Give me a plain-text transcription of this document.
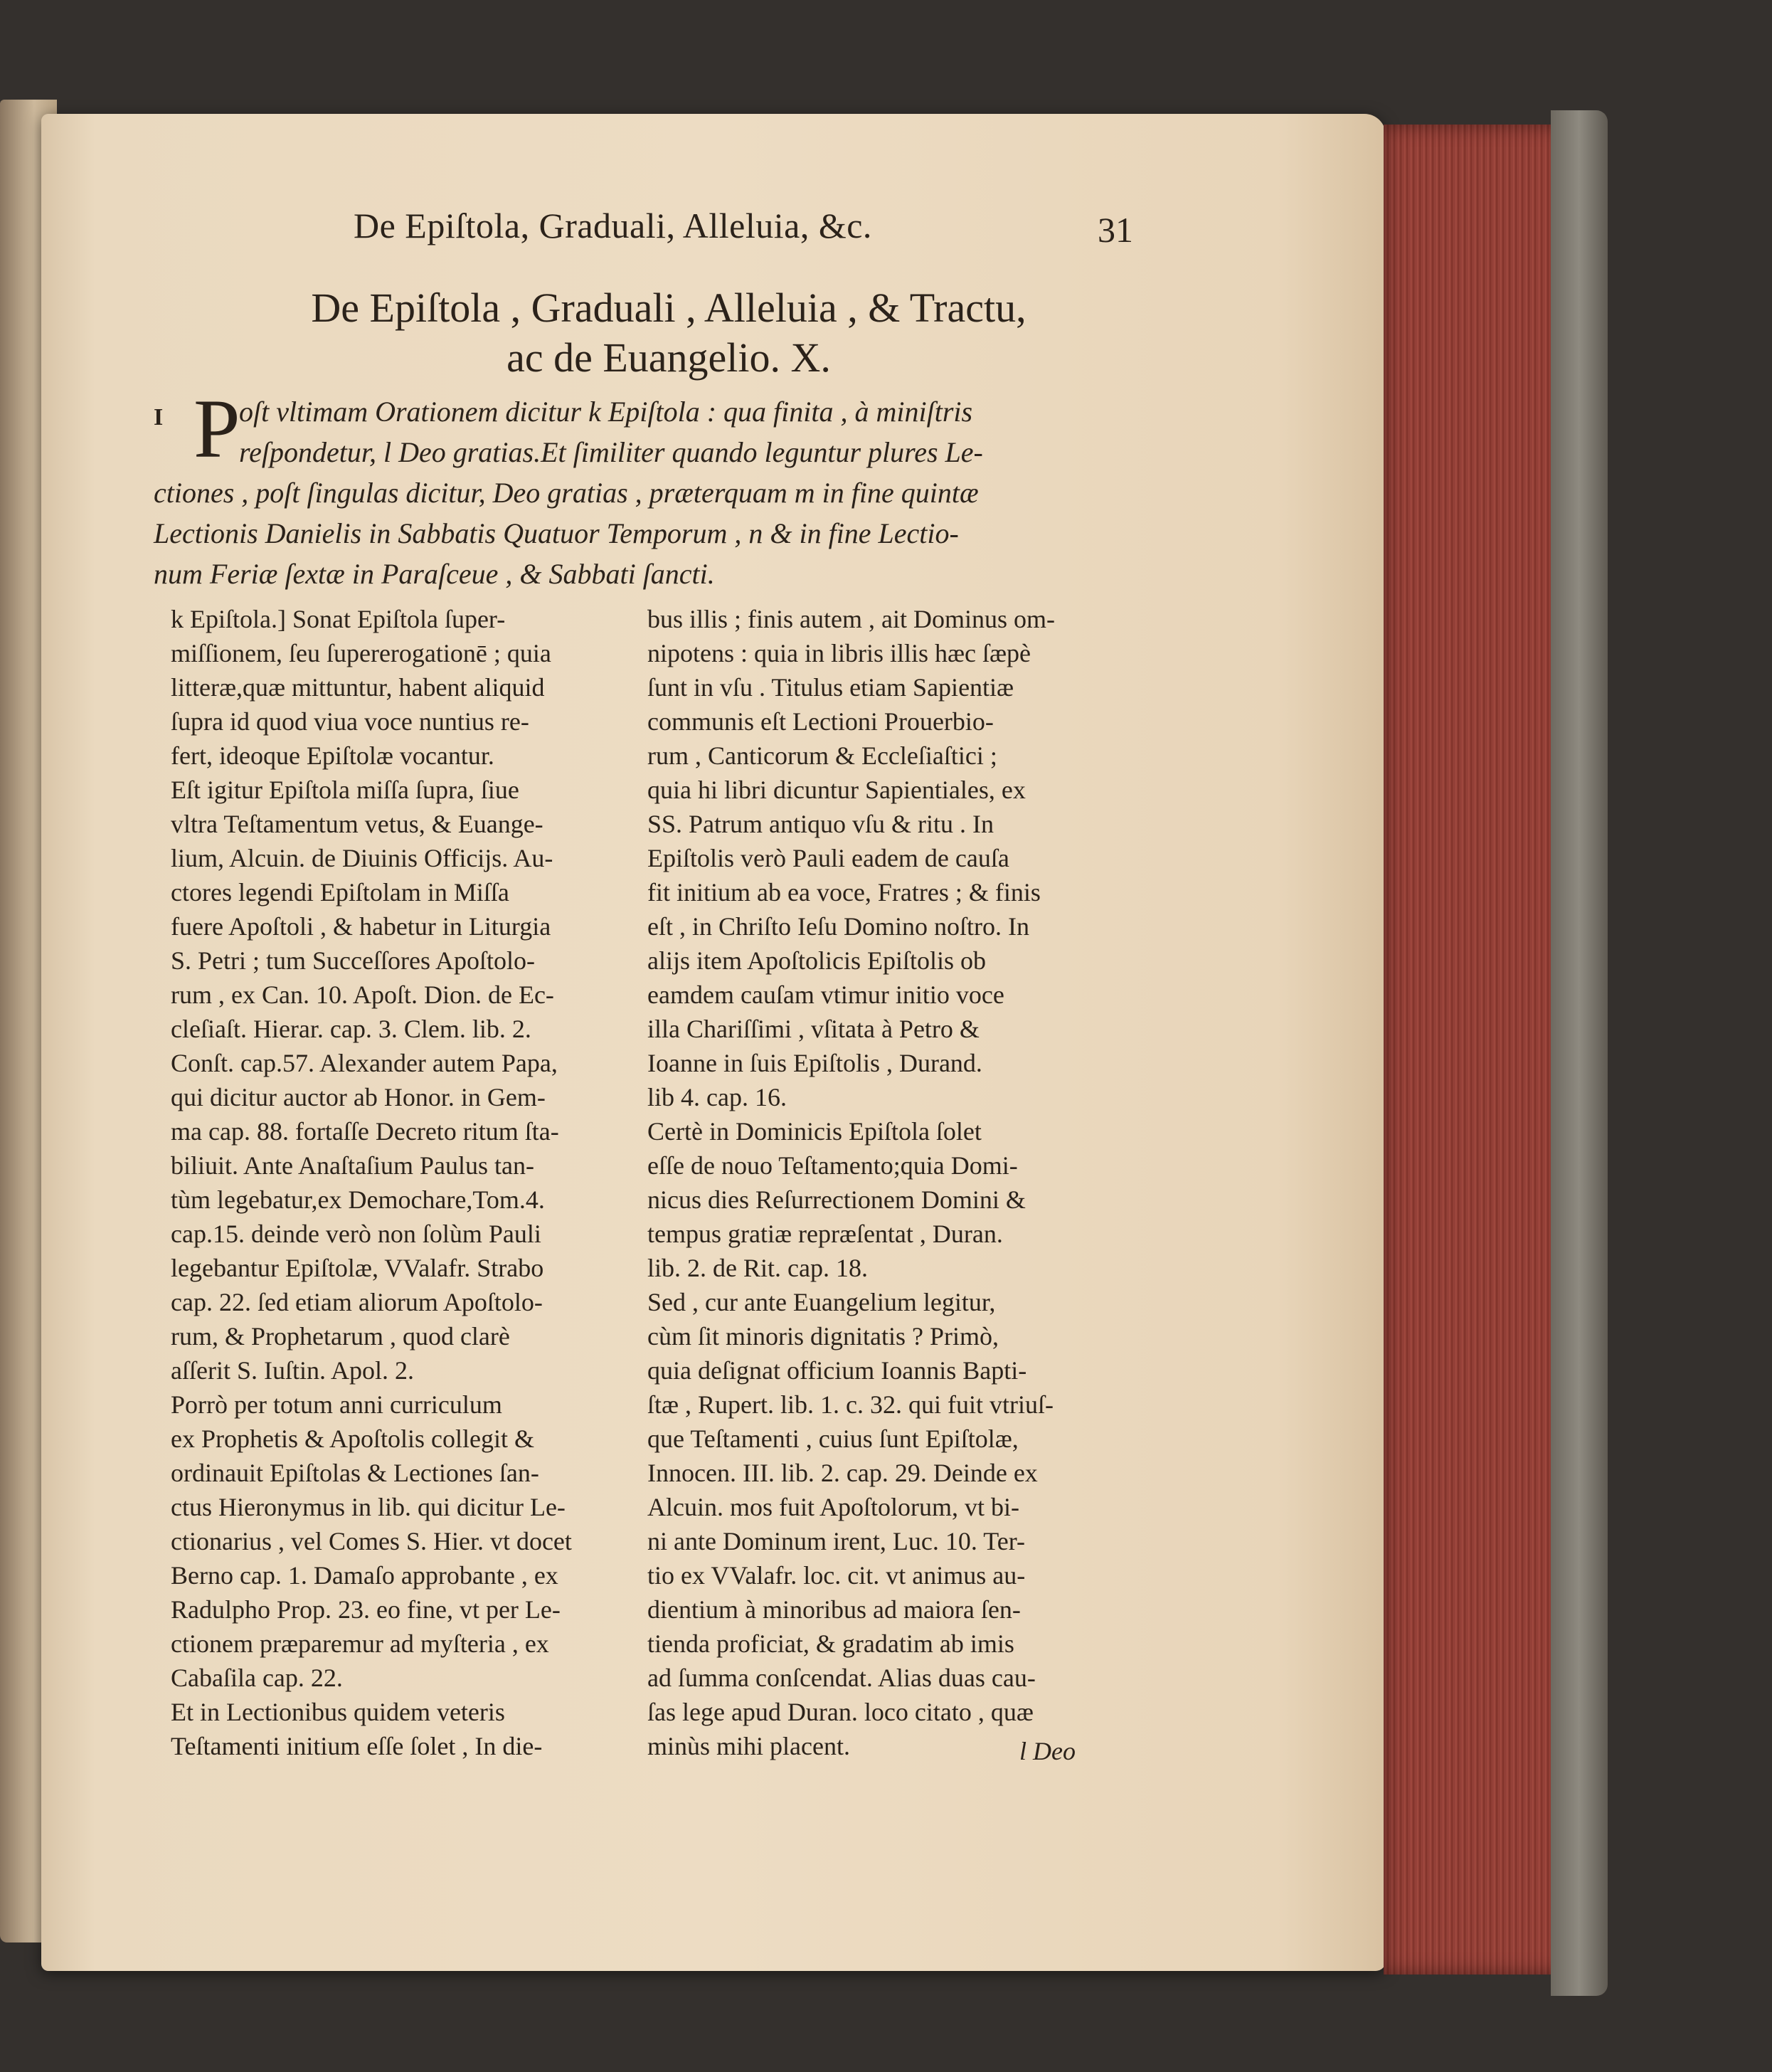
De Epiſtola, Graduali, Alleluia, &c.	31
De Epiſtola , Graduali , Alleluia , & Tractu,
ac de Euangelio. X.
I P
oſt vltimam Orationem dicitur k Epiſtola : qua finita , à miniſtris
reſpondetur, l Deo gratias.Et ſimiliter quando leguntur plures Le-
ctiones , poſt ſingulas dicitur, Deo gratias , præterquam m in fine quintæ
Lectionis Danielis in Sabbatis Quatuor Temporum , n & in fine Lectio-
num Feriæ ſextæ in Paraſceue , & Sabbati ſancti.
k Epiſtola.] Sonat Epiſtola ſuper-
miſſionem, ſeu ſupererogationē ; quia
litteræ,quæ mittuntur, habent aliquid
ſupra id quod viua voce nuntius re-
fert, ideoque Epiſtolæ vocantur.
Eſt igitur Epiſtola miſſa ſupra, ſiue
vltra Teſtamentum vetus, & Euange-
lium, Alcuin. de Diuinis Officijs. Au-
ctores legendi Epiſtolam in Miſſa
fuere Apoſtoli , & habetur in Liturgia
S. Petri ; tum Succeſſores Apoſtolo-
rum , ex Can. 10. Apoſt. Dion. de Ec-
cleſiaſt. Hierar. cap. 3. Clem. lib. 2.
Conſt. cap.57. Alexander autem Papa,
qui dicitur auctor ab Honor. in Gem-
ma cap. 88. fortaſſe Decreto ritum ſta-
biliuit. Ante Anaſtaſium Paulus tan-
tùm legebatur,ex Demochare,Tom.4.
cap.15. deinde verò non ſolùm Pauli
legebantur Epiſtolæ, VValafr. Strabo
cap. 22. ſed etiam aliorum Apoſtolo-
rum, & Prophetarum , quod clarè
aſſerit S. Iuſtin. Apol. 2.
Porrò per totum anni curriculum
ex Prophetis & Apoſtolis collegit &
ordinauit Epiſtolas & Lectiones ſan-
ctus Hieronymus in lib. qui dicitur Le-
ctionarius , vel Comes S. Hier. vt docet
Berno cap. 1. Damaſo approbante , ex
Radulpho Prop. 23. eo fine, vt per Le-
ctionem præparemur ad myſteria , ex
Cabaſila cap. 22.
Et in Lectionibus quidem veteris
Teſtamenti initium eſſe ſolet , In die-
bus illis ; finis autem , ait Dominus om-
nipotens : quia in libris illis hæc ſæpè
ſunt in vſu . Titulus etiam Sapientiæ
communis eſt Lectioni Prouerbio-
rum , Canticorum & Eccleſiaſtici ;
quia hi libri dicuntur Sapientiales, ex
SS. Patrum antiquo vſu & ritu . In
Epiſtolis verò Pauli eadem de cauſa
fit initium ab ea voce, Fratres ; & finis
eſt , in Chriſto Ieſu Domino noſtro. In
alijs item Apoſtolicis Epiſtolis ob
eamdem cauſam vtimur initio voce
illa Chariſſimi , vſitata à Petro &
Ioanne in ſuis Epiſtolis , Durand.
lib 4. cap. 16.
Certè in Dominicis Epiſtola ſolet
eſſe de nouo Teſtamento;quia Domi-
nicus dies Reſurrectionem Domini &
tempus gratiæ repræſentat , Duran.
lib. 2. de Rit. cap. 18.
Sed , cur ante Euangelium legitur,
cùm ſit minoris dignitatis ? Primò,
quia deſignat officium Ioannis Bapti-
ſtæ , Rupert. lib. 1. c. 32. qui fuit vtriuſ-
que Teſtamenti , cuius ſunt Epiſtolæ,
Innocen. III. lib. 2. cap. 29. Deinde ex
Alcuin. mos fuit Apoſtolorum, vt bi-
ni ante Dominum irent, Luc. 10. Ter-
tio ex VValafr. loc. cit. vt animus au-
dientium à minoribus ad maiora ſen-
tienda proficiat, & gradatim ab imis
ad ſumma conſcendat. Alias duas cau-
ſas lege apud Duran. loco citato , quæ
minùs mihi placent.	l Deo
